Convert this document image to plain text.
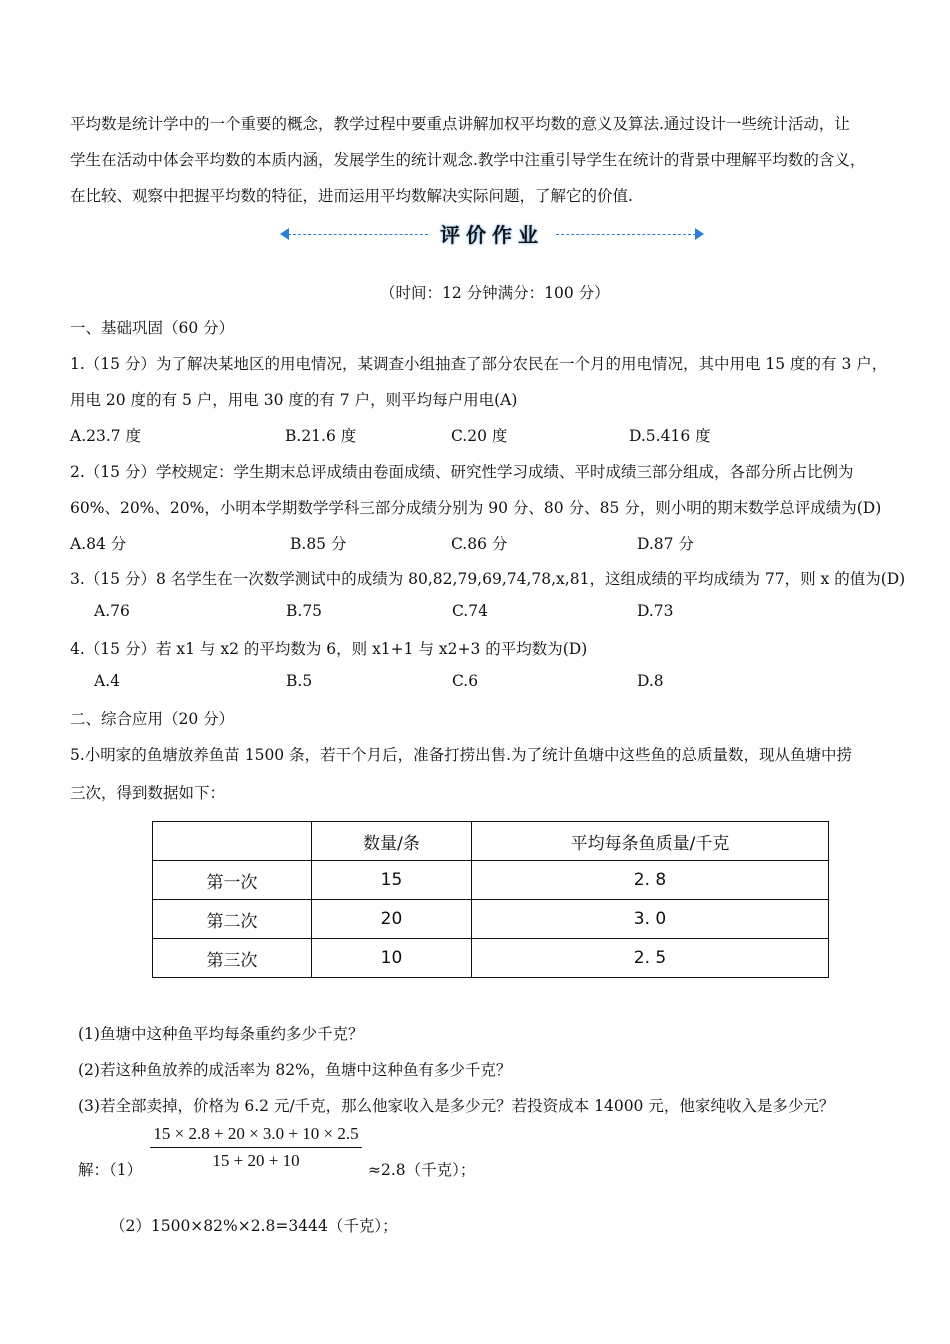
平均数是统计学中的一个重要的概念，教学过程中要重点讲解加权平均数的意义及算法.通过设计一些统计活动，让
学生在活动中体会平均数的本质内涵，发展学生的统计观念.教学中注重引导学生在统计的背景中理解平均数的含义，
在比较、观察中把握平均数的特征，进而运用平均数解决实际问题，了解它的价值.
评价作业
（时间：12 分钟满分：100 分）
一、基础巩固（60 分）
1.（15 分）为了解决某地区的用电情况，某调查小组抽查了部分农民在一个月的用电情况，其中用电 15 度的有 3 户，
用电 20 度的有 5 户，用电 30 度的有 7 户，则平均每户用电(A)
A.23.7 度	B.21.6 度	C.20 度	D.5.416 度
2.（15 分）学校规定：学生期末总评成绩由卷面成绩、研究性学习成绩、平时成绩三部分组成，各部分所占比例为
60%、20%、20%，小明本学期数学学科三部分成绩分别为 90 分、80 分、85 分，则小明的期末数学总评成绩为(D)
A.84 分	B.85 分	C.86 分	D.87 分
3.（15 分）8 名学生在一次数学测试中的成绩为 80,82,79,69,74,78,x,81，这组成绩的平均成绩为 77，则 x 的值为(D)
A.76	B.75	C.74	D.73
4.（15 分）若 x1 与 x2 的平均数为 6，则 x1+1 与 x2+3 的平均数为(D)
A.4	B.5	C.6	D.8
二、综合应用（20 分）
5.小明家的鱼塘放养鱼苗 1500 条，若干个月后，准备打捞出售.为了统计鱼塘中这些鱼的总质量数，现从鱼塘中捞
三次，得到数据如下：
	数量/条	平均每条鱼质量/千克
第一次	15	2. 8
第二次	20	3. 0
第三次	10	2. 5
(1)鱼塘中这种鱼平均每条重约多少千克？
(2)若这种鱼放养的成活率为 82%，鱼塘中这种鱼有多少千克？
(3)若全部卖掉，价格为 6.2 元/千克，那么他家收入是多少元？若投资成本 14000 元，他家纯收入是多少元？
解：$(1) \frac{15 \times 2.8 + 20 \times 3.0 + 10 \times 2.5}{15 + 20 + 10} \approx 2.8$（千克）；
（2）1500×82%×2.8=3444（千克）；
